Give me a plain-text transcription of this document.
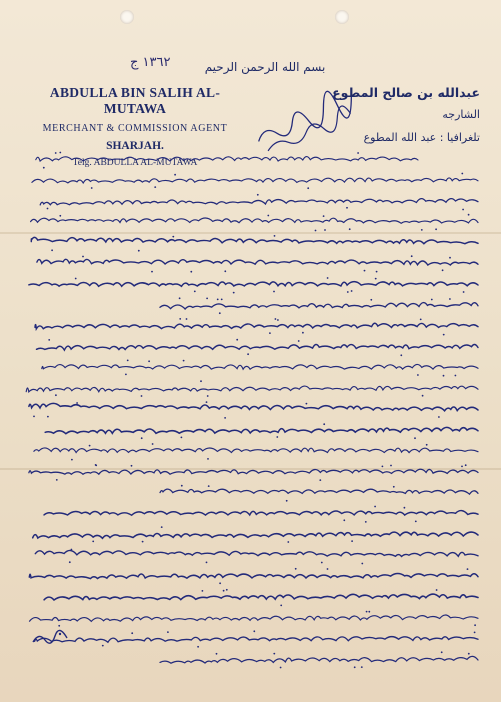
١٣٦٢ ج	بسم الله الرحمن الرحيم
ABDULLA BIN SALIH AL-MUTAWA
MERCHANT & COMMISSION AGENT
SHARJAH.
Telg. ABDULLA AL-MUTAWA
عبدالله بن صالح المطوع
الشارجه
تلغرافيا : عبد الله المطوع
